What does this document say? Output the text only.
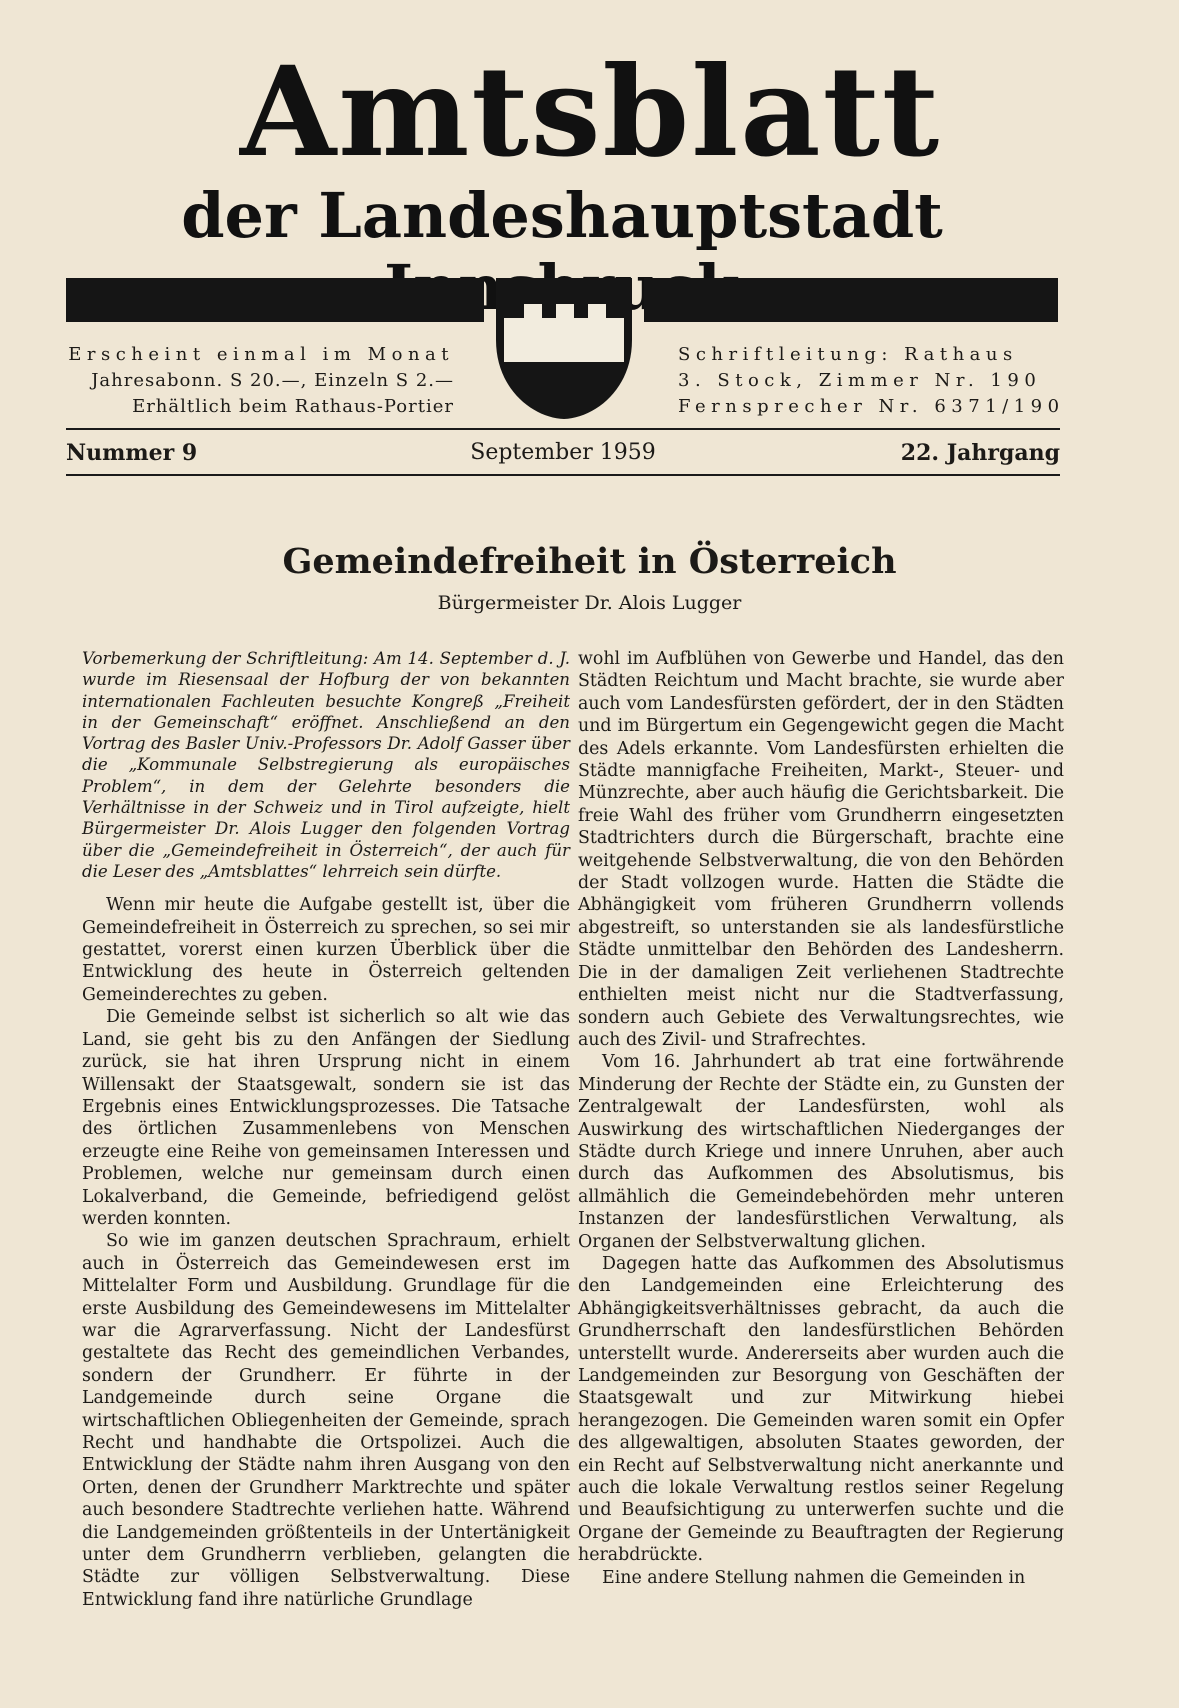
Amtsblatt
der Landeshauptstadt
Erscheint einmal im Monat
Jahresabonn. S 20.—, Einzeln S 2.—
Erhältlich beim Rathaus-Portier
Schriftleitung: Rathaus
3. Stock, Zimmer Nr. 190
Fernsprecher Nr. 6371/190
September 1959
Nummer 9	22. Jahrgang
Gemeindefreiheit in Österreich
Bürgermeister Dr. Alois Lugger

Vorbemerkung der Schriftleitung: Am 14. September d. J. wurde im Riesensaal der Hofburg der von bekannten internationalen Fachleuten besuchte Kongreß „Freiheit in der Gemeinschaft“ eröffnet. Anschließend an den Vortrag des Basler Univ.-Professors Dr. Adolf Gasser über die „Kommunale Selbstregierung als europäisches Problem“, in dem der Gelehrte besonders die Verhältnisse in der Schweiz und in Tirol aufzeigte, hielt Bürgermeister Dr. Alois Lugger den folgenden Vortrag über die „Gemeindefreiheit in Österreich“, der auch für die Leser des „Amtsblattes“ lehrreich sein dürfte.

Wenn mir heute die Aufgabe gestellt ist, über die Gemeindefreiheit in Österreich zu sprechen, so sei mir gestattet, vorerst einen kurzen Überblick über die Entwicklung des heute in Österreich geltenden Gemeinderechtes zu geben.

Die Gemeinde selbst ist sicherlich so alt wie das Land, sie geht bis zu den Anfängen der Siedlung zurück, sie hat ihren Ursprung nicht in einem Willensakt der Staatsgewalt, sondern sie ist das Ergebnis eines Entwicklungsprozesses. Die Tatsache des örtlichen Zusammenlebens von Menschen erzeugte eine Reihe von gemeinsamen Interessen und Problemen, welche nur gemeinsam durch einen Lokalverband, die Gemeinde, befriedigend gelöst werden konnten.

So wie im ganzen deutschen Sprachraum, erhielt auch in Österreich das Gemeindewesen erst im Mittelalter Form und Ausbildung. Grundlage für die erste Ausbildung des Gemeindewesens im Mittelalter war die Agrarverfassung. Nicht der Landesfürst gestaltete das Recht des gemeindlichen Verbandes, sondern der Grundherr. Er führte in der Landgemeinde durch seine Organe die wirtschaftlichen Obliegenheiten der Gemeinde, sprach Recht und handhabte die Ortspolizei. Auch die Entwicklung der Städte nahm ihren Ausgang von den Orten, denen der Grundherr Marktrechte und später auch besondere Stadtrechte verliehen hatte. Während die Landgemeinden größtenteils in der Untertänigkeit unter dem Grundherrn verblieben, gelangten die Städte zur völligen Selbstverwaltung. Diese Entwicklung fand ihre natürliche Grundlage

wohl im Aufblühen von Gewerbe und Handel, das den Städten Reichtum und Macht brachte, sie wurde aber auch vom Landesfürsten gefördert, der in den Städten und im Bürgertum ein Gegengewicht gegen die Macht des Adels erkannte. Vom Landesfürsten erhielten die Städte mannigfache Freiheiten, Markt-, Steuer- und Münzrechte, aber auch häufig die Gerichtsbarkeit. Die freie Wahl des früher vom Grundherrn eingesetzten Stadtrichters durch die Bürgerschaft, brachte eine weitgehende Selbstverwaltung, die von den Behörden der Stadt vollzogen wurde. Hatten die Städte die Abhängigkeit vom früheren Grundherrn vollends abgestreift, so unterstanden sie als landesfürstliche Städte unmittelbar den Behörden des Landesherrn. Die in der damaligen Zeit verliehenen Stadtrechte enthielten meist nicht nur die Stadtverfassung, sondern auch Gebiete des Verwaltungsrechtes, wie auch des Zivil- und Strafrechtes.

Vom 16. Jahrhundert ab trat eine fortwährende Minderung der Rechte der Städte ein, zu Gunsten der Zentralgewalt der Landesfürsten, wohl als Auswirkung des wirtschaftlichen Niederganges der Städte durch Kriege und innere Unruhen, aber auch durch das Aufkommen des Absolutismus, bis allmählich die Gemeindebehörden mehr unteren Instanzen der landesfürstlichen Verwaltung, als Organen der Selbstverwaltung glichen.

Dagegen hatte das Aufkommen des Absolutismus den Landgemeinden eine Erleichterung des Abhängigkeitsverhältnisses gebracht, da auch die Grundherrschaft den landesfürstlichen Behörden unterstellt wurde. Andererseits aber wurden auch die Landgemeinden zur Besorgung von Geschäften der Staatsgewalt und zur Mitwirkung hiebei herangezogen. Die Gemeinden waren somit ein Opfer des allgewaltigen, absoluten Staates geworden, der ein Recht auf Selbstverwaltung nicht anerkannte und auch die lokale Verwaltung restlos seiner Regelung und Beaufsichtigung zu unterwerfen suchte und die Organe der Gemeinde zu Beauftragten der Regierung herabdrückte.

Eine andere Stellung nahmen die Gemeinden in
